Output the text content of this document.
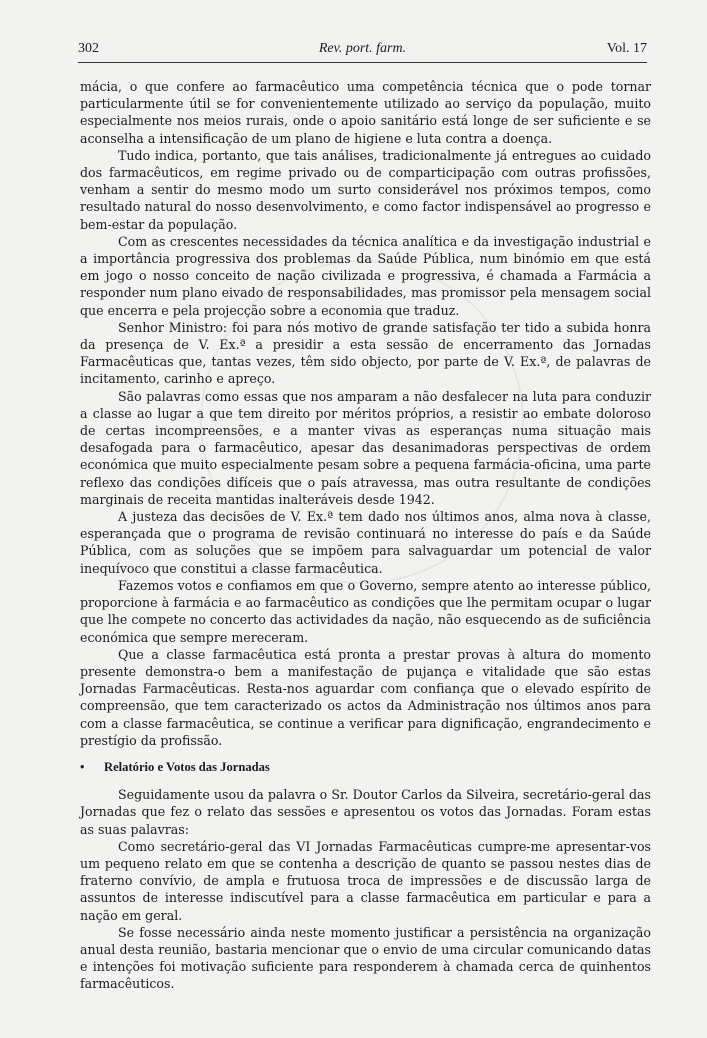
302	Rev. port. farm.	Vol. 17

mácia, o que confere ao farmacêutico uma competência técnica que o pode tornar particularmente útil se for convenientemente utilizado ao serviço da população, muito especialmente nos meios rurais, onde o apoio sanitário está longe de ser suficiente e se aconselha a intensificação de um plano de higiene e luta contra a doença.

Tudo indica, portanto, que tais análises, tradicionalmente já entregues ao cuidado dos farmacêuticos, em regime privado ou de comparticipação com outras profissões, venham a sentir do mesmo modo um surto considerável nos próximos tempos, como resultado natural do nosso desenvolvimento, e como factor indispensável ao progresso e bem-estar da população.

Com as crescentes necessidades da técnica analítica e da investigação industrial e a importância progressiva dos problemas da Saúde Pública, num binómio em que está em jogo o nosso conceito de nação civilizada e progressiva, é chamada a Farmácia a responder num plano eivado de responsabilidades, mas promissor pela mensagem social que encerra e pela projecção sobre a economia que traduz.

Senhor Ministro: foi para nós motivo de grande satisfação ter tido a subida honra da presença de V. Ex.ª a presidir a esta sessão de encerramento das Jornadas Farmacêuticas que, tantas vezes, têm sido objecto, por parte de V. Ex.ª, de palavras de incitamento, carinho e apreço.

São palavras como essas que nos amparam a não desfalecer na luta para conduzir a classe ao lugar a que tem direito por méritos próprios, a resistir ao embate doloroso de certas incompreensões, e a manter vivas as esperanças numa situação mais desafogada para o farmacêutico, apesar das desanimadoras perspectivas de ordem económica que muito especialmente pesam sobre a pequena farmácia-oficina, uma parte reflexo das condições difíceis que o país atravessa, mas outra resultante de condições marginais de receita mantidas inalteráveis desde 1942.

A justeza das decisões de V. Ex.ª tem dado nos últimos anos, alma nova à classe, esperançada que o programa de revisão continuará no interesse do país e da Saúde Pública, com as soluções que se impõem para salvaguardar um potencial de valor inequívoco que constitui a classe farmacêutica.

Fazemos votos e confiamos em que o Governo, sempre atento ao interesse público, proporcione à farmácia e ao farmacêutico as condições que lhe permitam ocupar o lugar que lhe compete no concerto das actividades da nação, não esquecendo as de suficiência económica que sempre mereceram.

Que a classe farmacêutica está pronta a prestar provas à altura do momento presente demonstra-o bem a manifestação de pujança e vitalidade que são estas Jornadas Farmacêuticas. Resta-nos aguardar com confiança que o elevado espírito de compreensão, que tem caracterizado os actos da Administração nos últimos anos para com a classe farmacêutica, se continue a verificar para dignificação, engrandecimento e prestígio da profissão.

• Relatório e Votos das Jornadas

Seguidamente usou da palavra o Sr. Doutor Carlos da Silveira, secretário-geral das Jornadas que fez o relato das sessões e apresentou os votos das Jornadas. Foram estas as suas palavras:

Como secretário-geral das VI Jornadas Farmacêuticas cumpre-me apresentar-vos um pequeno relato em que se contenha a descrição de quanto se passou nestes dias de fraterno convívio, de ampla e frutuosa troca de impressões e de discussão larga de assuntos de interesse indiscutível para a classe farmacêutica em particular e para a nação em geral.

Se fosse necessário ainda neste momento justificar a persistência na organização anual desta reunião, bastaria mencionar que o envio de uma circular comunicando datas e intenções foi motivação suficiente para responderem à chamada cerca de quinhentos farmacêuticos.
